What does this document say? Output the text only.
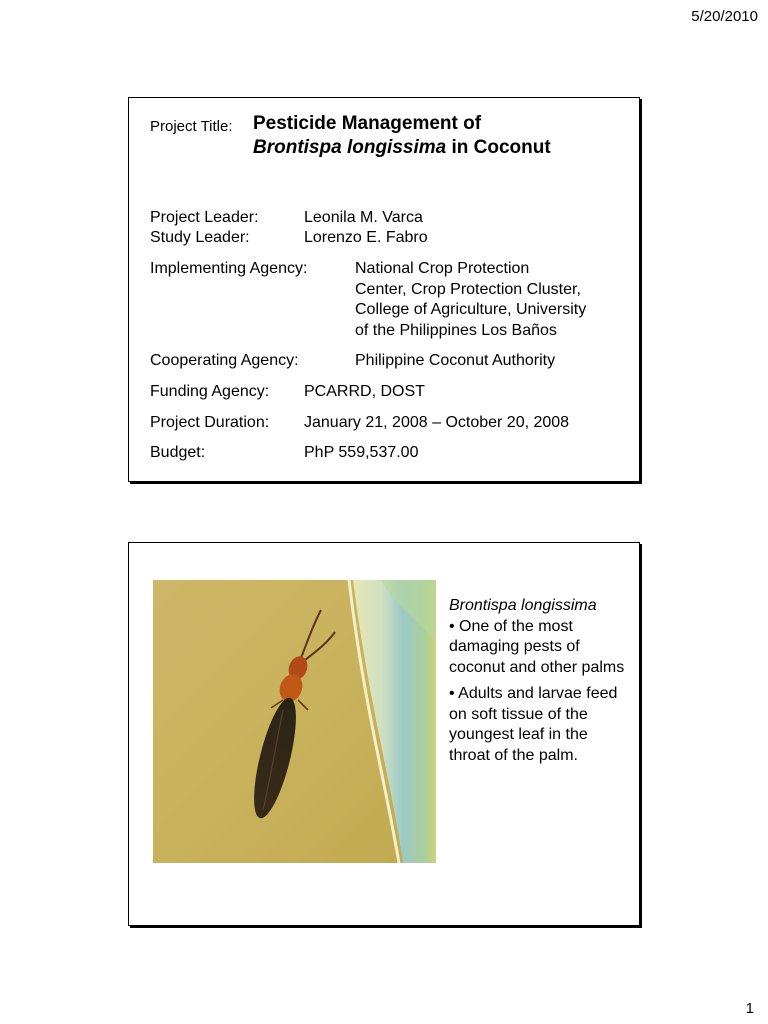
5/20/2010
Project Title: Pesticide Management of
Brontispa longissima in Coconut
Project Leader:	Leonila M. Varca
Study Leader:	Lorenzo E. Fabro
Implementing Agency:	National Crop Protection
Center, Crop Protection Cluster,
College of Agriculture, University
of the Philippines Los Baños
Cooperating Agency:	Philippine Coconut Authority
Funding Agency: PCARRD, DOST
Project Duration: January 21, 2008 – October 20, 2008
Budget:	PhP 559,537.00
Brontispa longissima
• One of the most damaging pests of coconut and other palms
• Adults and larvae feed on soft tissue of the youngest leaf in the throat of the palm.
1
